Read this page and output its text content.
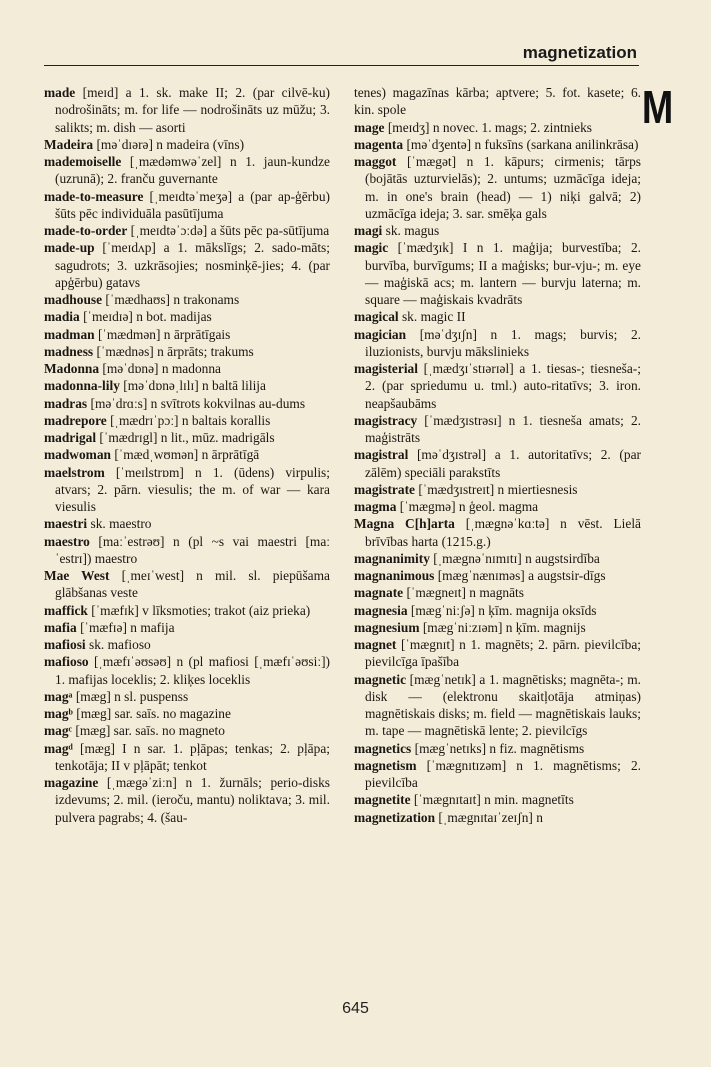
magnetization
M

made [meɪd] a 1. sk. make II; 2. (par cilvē-ku) nodrošināts; m. for life — nodrošināts uz mūžu; 3. salikts; m. dish — asorti

Madeira [məˈdɪərə] n madeira (vīns)

mademoiselle [ˌmædəmwəˈzel] n 1. jaun-kundze (uzrunā); 2. franču guvernante

made-to-measure [ˌmeɪdtəˈmeʒə] a (par ap-ģērbu) šūts pēc individuāla pasūtījuma

made-to-order [ˌmeɪdtəˈɔːdə] a šūts pēc pa-sūtījuma

made-up [ˈmeɪdʌp] a 1. mākslīgs; 2. sado-māts; sagudrots; 3. uzkrāsojies; nosminķē-jies; 4. (par apģērbu) gatavs

madhouse [ˈmædhaʊs] n trakonams

madia [ˈmeɪdɪə] n bot. madijas

madman [ˈmædmən] n ārprātīgais

madness [ˈmædnəs] n ārprāts; trakums

Madonna [məˈdɒnə] n madonna

madonna-lily [məˈdɒnəˌlɪlɪ] n baltā lilija

madras [məˈdrɑːs] n svītrots kokvilnas au-dums

madrepore [ˌmædrɪˈpɔː] n baltais korallis

madrigal [ˈmædrɪgl] n lit., mūz. madrigāls

madwoman [ˈmædˌwʊmən] n ārprātīgā

maelstrom [ˈmeɪlstrɒm] n 1. (ūdens) virpulis; atvars; 2. pārn. viesulis; the m. of war — kara viesulis

maestri sk. maestro

maestro [maːˈestrəʊ] n (pl ~s vai maestri [maːˈestrɪ]) maestro

Mae West [ˌmeɪˈwest] n mil. sl. piepūšama glābšanas veste

maffick [ˈmæfɪk] v līksmoties; trakot (aiz prieka)

mafia [ˈmæfɪə] n mafija

mafiosi sk. mafioso

mafioso [ˌmæfɪˈəʊsəʊ] n (pl mafiosi [ˌmæfɪˈəʊsiː]) 1. mafijas loceklis; 2. kliķes loceklis

magᵃ [mæg] n sl. puspenss

magᵇ [mæg] sar. saīs. no magazine

magᶜ [mæg] sar. saīs. no magneto

magᵈ [mæg] I n sar. 1. pļāpas; tenkas; 2. pļāpa; tenkotāja; II v pļāpāt; tenkot

magazine [ˌmægəˈziːn] n 1. žurnāls; perio-disks izdevums; 2. mil. (ieroču, mantu) noliktava; 3. mil. pulvera pagrabs; 4. (šau-

tenes) magazīnas kārba; aptvere; 5. fot. kasete; 6. kin. spole

mage [meɪdʒ] n novec. 1. mags; 2. zintnieks

magenta [məˈdʒentə] n fuksīns (sarkana anilinkrāsa)

maggot [ˈmægət] n 1. kāpurs; cirmenis; tārps (bojātās uzturvielās); 2. untums; uzmācīga ideja; m. in one's brain (head) — 1) niķi galvā; 2) uzmācīga ideja; 3. sar. smēķa gals

magi sk. magus

magic [ˈmædʒɪk] I n 1. maģija; burvestība; 2. burvība, burvīgums; II a maģisks; bur-vju-; m. eye — maģiskā acs; m. lantern — burvju laterna; m. square — maģiskais kvadrāts

magical sk. magic II

magician [məˈdʒɪʃn] n 1. mags; burvis; 2. iluzionists, burvju mākslinieks

magisterial [ˌmædʒɪˈstɪərɪəl] a 1. tiesas-; tiesneša-; 2. (par spriedumu u. tml.) auto-ritatīvs; 3. iron. neapšaubāms

magistracy [ˈmædʒɪstrəsɪ] n 1. tiesneša amats; 2. maģistrāts

magistral [məˈdʒɪstrəl] a 1. autoritatīvs; 2. (par zālēm) speciāli parakstīts

magistrate [ˈmædʒɪstreɪt] n miertiesnesis

magma [ˈmægmə] n ģeol. magma

Magna C[h]arta [ˌmægnəˈkɑːtə] n vēst. Lielā brīvības harta (1215.g.)

magnanimity [ˌmægnəˈnɪmɪtɪ] n augstsirdība

magnanimous [mægˈnænɪməs] a augstsir-dīgs

magnate [ˈmægneɪt] n magnāts

magnesia [mægˈniːʃə] n ķīm. magnija oksīds

magnesium [mægˈniːzɪəm] n ķīm. magnijs

magnet [ˈmægnɪt] n 1. magnēts; 2. pārn. pievilcība; pievilcīga īpašība

magnetic [mægˈnetɪk] a 1. magnētisks; magnēta-; m. disk — (elektronu skaitļotāja atmiņas) magnētiskais disks; m. field — magnētiskais lauks; m. tape — magnētiskā lente; 2. pievilcīgs

magnetics [mægˈnetɪks] n fiz. magnētisms

magnetism [ˈmægnɪtɪzəm] n 1. magnētisms; 2. pievilcība

magnetite [ˈmægnɪtaɪt] n min. magnetīts

magnetization [ˌmægnɪtaɪˈzeɪʃn] n

645
